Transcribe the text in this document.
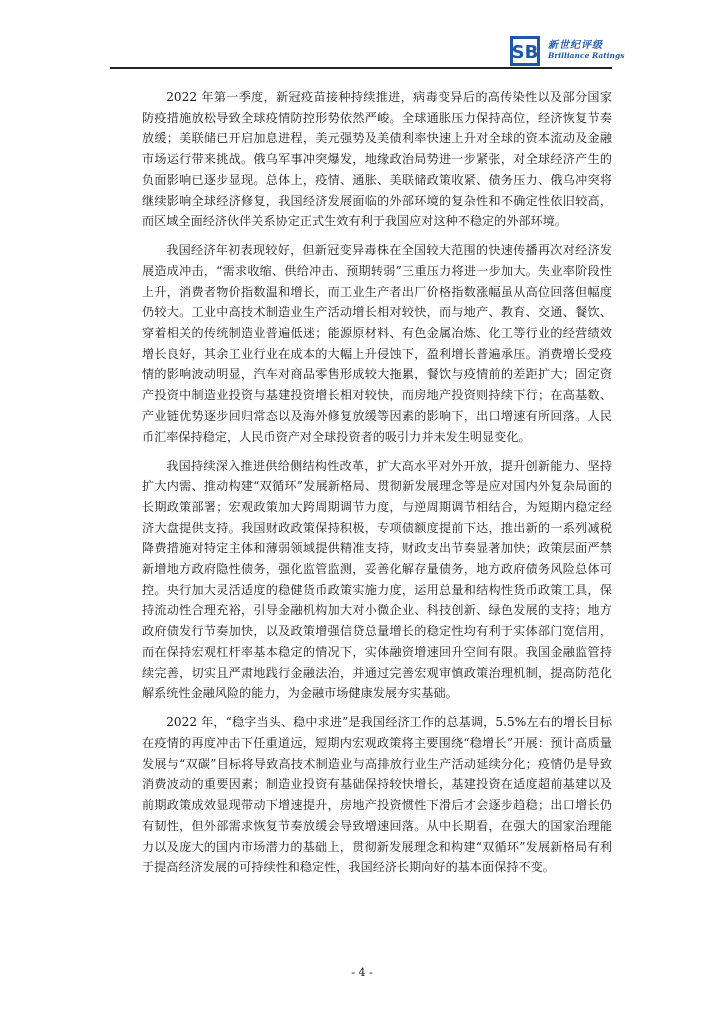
SB 新世纪评级
Brilliance Ratings

2022 年第一季度，新冠疫苗接种持续推进，病毒变异后的高传染性以及部分国家防疫措施放松导致全球疫情防控形势依然严峻。全球通胀压力保持高位，经济恢复节奏放缓；美联储已开启加息进程，美元强势及美债利率快速上升对全球的资本流动及金融市场运行带来挑战。俄乌军事冲突爆发，地缘政治局势进一步紧张，对全球经济产生的负面影响已逐步显现。总体上，疫情、通胀、美联储政策收紧、债务压力、俄乌冲突将继续影响全球经济修复，我国经济发展面临的外部环境的复杂性和不确定性依旧较高，而区域全面经济伙伴关系协定正式生效有利于我国应对这种不稳定的外部环境。

我国经济年初表现较好，但新冠变异毒株在全国较大范围的快速传播再次对经济发展造成冲击，“需求收缩、供给冲击、预期转弱”三重压力将进一步加大。失业率阶段性上升，消费者物价指数温和增长，而工业生产者出厂价格指数涨幅虽从高位回落但幅度仍较大。工业中高技术制造业生产活动增长相对较快，而与地产、教育、交通、餐饮、穿着相关的传统制造业普遍低迷；能源原材料、有色金属冶炼、化工等行业的经营绩效增长良好，其余工业行业在成本的大幅上升侵蚀下，盈利增长普遍承压。消费增长受疫情的影响波动明显，汽车对商品零售形成较大拖累，餐饮与疫情前的差距扩大；固定资产投资中制造业投资与基建投资增长相对较快，而房地产投资则持续下行；在高基数、产业链优势逐步回归常态以及海外修复放缓等因素的影响下，出口增速有所回落。人民币汇率保持稳定，人民币资产对全球投资者的吸引力并未发生明显变化。

我国持续深入推进供给侧结构性改革，扩大高水平对外开放，提升创新能力、坚持扩大内需、推动构建“双循环”发展新格局、贯彻新发展理念等是应对国内外复杂局面的长期政策部署；宏观政策加大跨周期调节力度，与逆周期调节相结合，为短期内稳定经济大盘提供支持。我国财政政策保持积极，专项债额度提前下达，推出新的一系列减税降费措施对特定主体和薄弱领域提供精准支持，财政支出节奏显著加快；政策层面严禁新增地方政府隐性债务，强化监管监测，妥善化解存量债务，地方政府债务风险总体可控。央行加大灵活适度的稳健货币政策实施力度，运用总量和结构性货币政策工具，保持流动性合理充裕，引导金融机构加大对小微企业、科技创新、绿色发展的支持；地方政府债发行节奏加快，以及政策增强信贷总量增长的稳定性均有利于实体部门宽信用，而在保持宏观杠杆率基本稳定的情况下，实体融资增速回升空间有限。我国金融监管持续完善，切实且严肃地践行金融法治，并通过完善宏观审慎政策治理机制，提高防范化解系统性金融风险的能力，为金融市场健康发展夯实基础。

2022 年，“稳字当头、稳中求进”是我国经济工作的总基调，5.5%左右的增长目标在疫情的再度冲击下任重道远，短期内宏观政策将主要围绕“稳增长”开展：预计高质量发展与“双碳”目标将导致高技术制造业与高排放行业生产活动延续分化；疫情仍是导致消费波动的重要因素；制造业投资有基础保持较快增长，基建投资在适度超前基建以及前期政策成效显现带动下增速提升，房地产投资惯性下滑后才会逐步趋稳；出口增长仍有韧性，但外部需求恢复节奏放缓会导致增速回落。从中长期看，在强大的国家治理能力以及庞大的国内市场潜力的基础上，贯彻新发展理念和构建“双循环”发展新格局有利于提高经济发展的可持续性和稳定性，我国经济长期向好的基本面保持不变。

- 4 -
